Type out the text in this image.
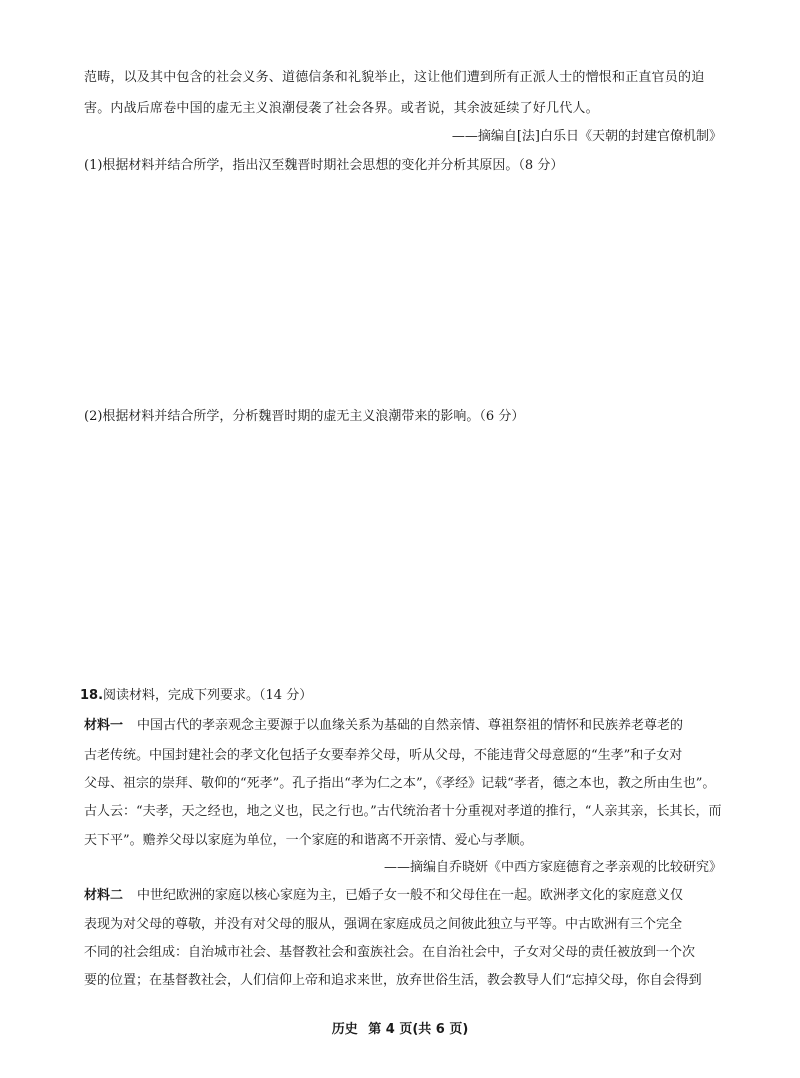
范畴，以及其中包含的社会义务、道德信条和礼貌举止，这让他们遭到所有正派人士的憎恨和正直官员的迫
害。内战后席卷中国的虚无主义浪潮侵袭了社会各界。或者说，其余波延续了好几代人。
——摘编自[法]白乐日《天朝的封建官僚机制》
(1)根据材料并结合所学，指出汉至魏晋时期社会思想的变化并分析其原因。（8 分）
(2)根据材料并结合所学，分析魏晋时期的虚无主义浪潮带来的影响。（6 分）
18.阅读材料，完成下列要求。（14 分）
材料一 中国古代的孝亲观念主要源于以血缘关系为基础的自然亲情、尊祖祭祖的情怀和民族养老尊老的
古老传统。中国封建社会的孝文化包括子女要奉养父母，听从父母，不能违背父母意愿的“生孝”和子女对
父母、祖宗的崇拜、敬仰的“死孝”。孔子指出“孝为仁之本”，《孝经》记载“孝者，德之本也，教之所由生也”。
古人云：“夫孝，天之经也，地之义也，民之行也。”古代统治者十分重视对孝道的推行，“人亲其亲，长其长，而
天下平”。赡养父母以家庭为单位，一个家庭的和谐离不开亲情、爱心与孝顺。
——摘编自乔晓妍《中西方家庭德育之孝亲观的比较研究》
材料二 中世纪欧洲的家庭以核心家庭为主，已婚子女一般不和父母住在一起。欧洲孝文化的家庭意义仅
表现为对父母的尊敬，并没有对父母的服从，强调在家庭成员之间彼此独立与平等。中古欧洲有三个完全
不同的社会组成：自治城市社会、基督教社会和蛮族社会。在自治社会中，子女对父母的责任被放到一个次
要的位置；在基督教社会，人们信仰上帝和追求来世，放弃世俗生活，教会教导人们“忘掉父母，你自会得到
历史 第 4 页(共 6 页)
